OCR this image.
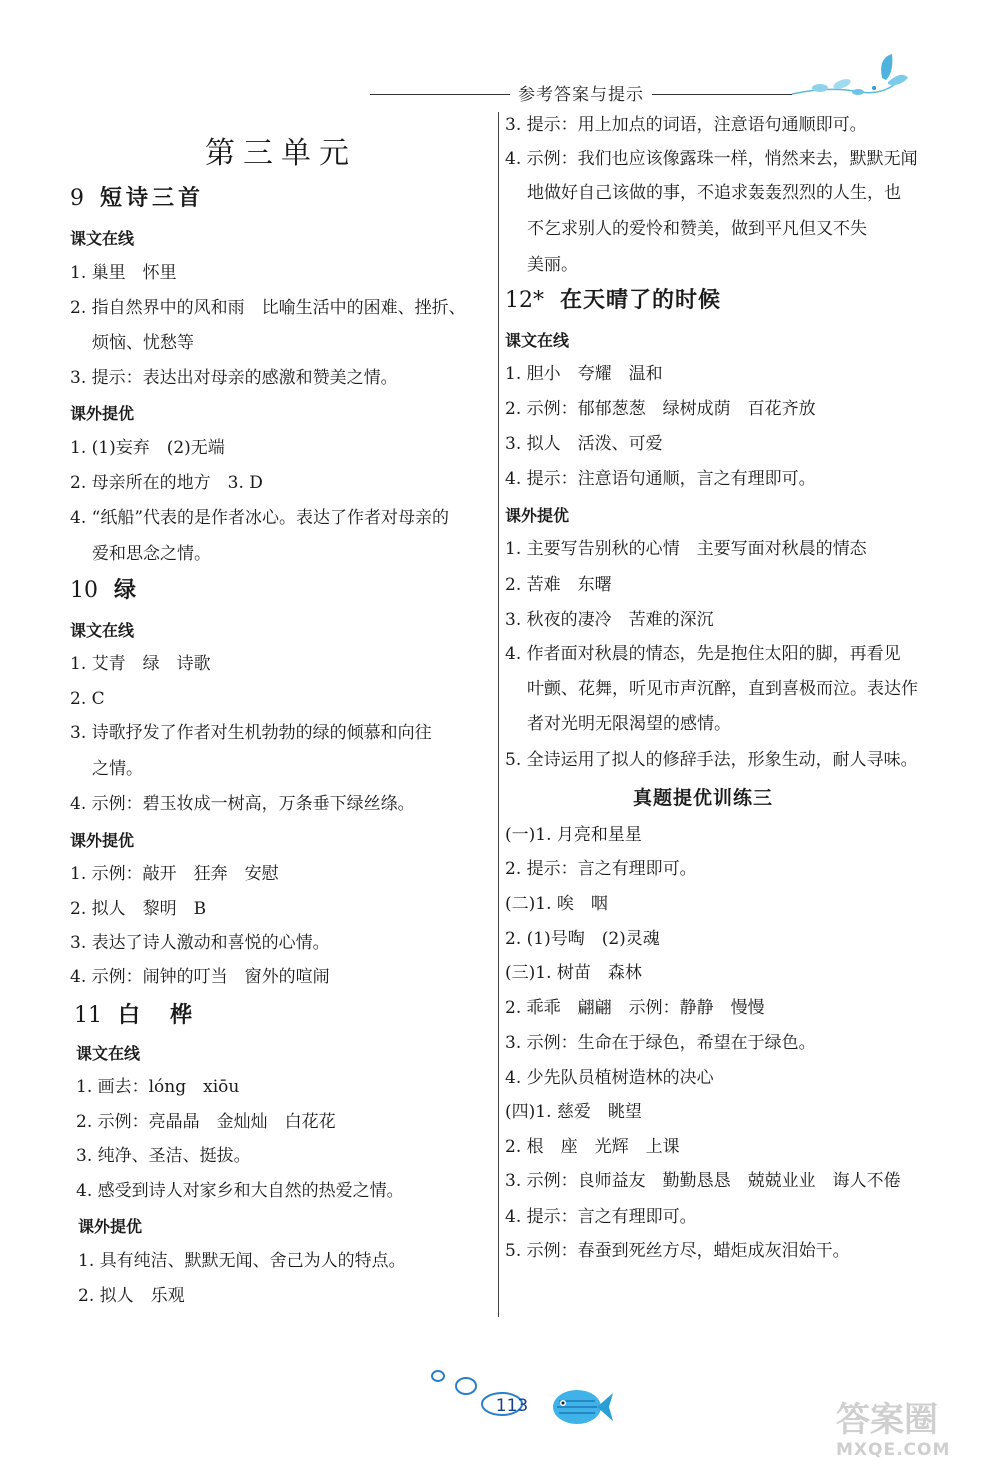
参考答案与提示
第三单元
9 短诗三首
课文在线
1. 巢里　怀里
2. 指自然界中的风和雨　比喻生活中的困难、挫折、
烦恼、忧愁等
3. 提示：表达出对母亲的感激和赞美之情。
课外提优
1. (1)妄弃　(2)无端
2. 母亲所在的地方　3. D
4. “纸船”代表的是作者冰心。表达了作者对母亲的
爱和思念之情。
10 绿
课文在线
1. 艾青　绿　诗歌
2. C
3. 诗歌抒发了作者对生机勃勃的绿的倾慕和向往
之情。
4. 示例：碧玉妆成一树高，万条垂下绿丝绦。
课外提优
1. 示例：敲开　狂奔　安慰
2. 拟人　黎明　B
3. 表达了诗人激动和喜悦的心情。
4. 示例：闹钟的叮当　窗外的喧闹
11 白　桦
课文在线
1. 画去：lóng　xiōu
2. 示例：亮晶晶　金灿灿　白花花
3. 纯净、圣洁、挺拔。
4. 感受到诗人对家乡和大自然的热爱之情。
课外提优
1. 具有纯洁、默默无闻、舍己为人的特点。
2. 拟人　乐观
3. 提示：用上加点的词语，注意语句通顺即可。
4. 示例：我们也应该像露珠一样，悄然来去，默默无闻
地做好自己该做的事，不追求轰轰烈烈的人生，也
不乞求别人的爱怜和赞美，做到平凡但又不失
美丽。
12* 在天晴了的时候
课文在线
1. 胆小　夸耀　温和
2. 示例：郁郁葱葱　绿树成荫　百花齐放
3. 拟人　活泼、可爱
4. 提示：注意语句通顺，言之有理即可。
课外提优
1. 主要写告别秋的心情　主要写面对秋晨的情态
2. 苦难　东曙
3. 秋夜的凄冷　苦难的深沉
4. 作者面对秋晨的情态，先是抱住太阳的脚，再看见
叶颤、花舞，听见市声沉醉，直到喜极而泣。表达作
者对光明无限渴望的感情。
5. 全诗运用了拟人的修辞手法，形象生动，耐人寻味。
真题提优训练三
(一)1. 月亮和星星
2. 提示：言之有理即可。
(二)1. 唉　咽
2. (1)号啕　(2)灵魂
(三)1. 树苗　森林
2. 乖乖　翩翩　示例：静静　慢慢
3. 示例：生命在于绿色，希望在于绿色。
4. 少先队员植树造林的决心
(四)1. 慈爱　眺望
2. 根　座　光辉　上课
3. 示例：良师益友　勤勤恳恳　兢兢业业　诲人不倦
4. 提示：言之有理即可。
5. 示例：春蚕到死丝方尽，蜡炬成灰泪始干。
113	答案圈
MXQE.COM
